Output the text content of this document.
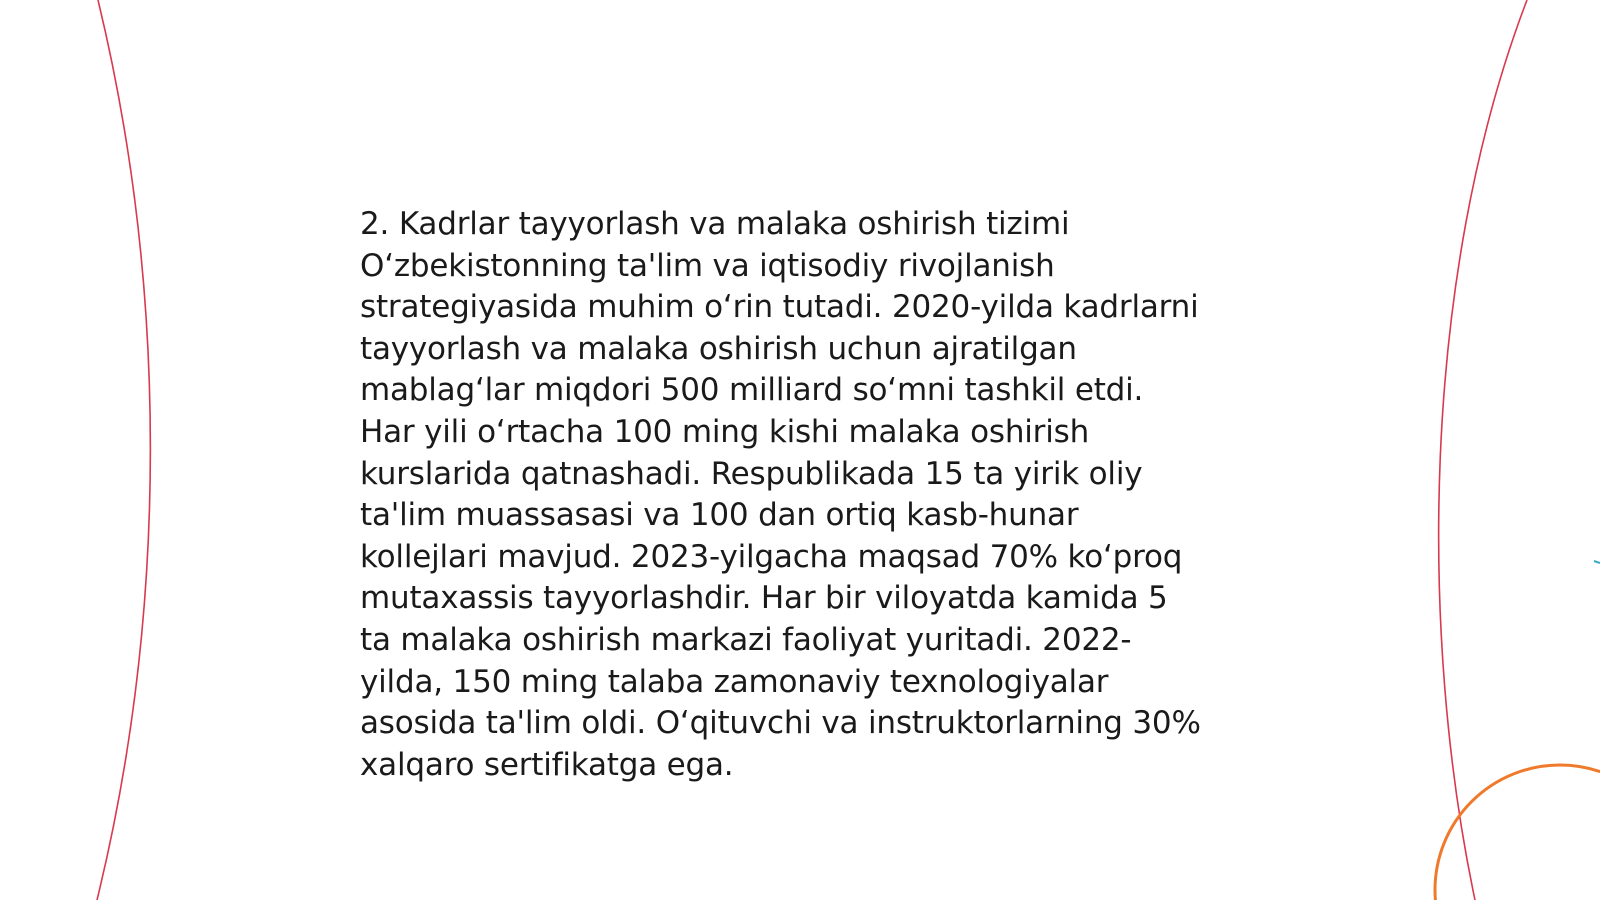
2. Kadrlar tayyorlash va malaka oshirish tizimi
O‘zbekistonning ta'lim va iqtisodiy rivojlanish
strategiyasida muhim o‘rin tutadi. 2020-yilda kadrlarni
tayyorlash va malaka oshirish uchun ajratilgan
mablag‘lar miqdori 500 milliard so‘mni tashkil etdi.
Har yili o‘rtacha 100 ming kishi malaka oshirish
kurslarida qatnashadi. Respublikada 15 ta yirik oliy
ta'lim muassasasi va 100 dan ortiq kasb-hunar
kollejlari mavjud. 2023-yilgacha maqsad 70% ko‘proq
mutaxassis tayyorlashdir. Har bir viloyatda kamida 5
ta malaka oshirish markazi faoliyat yuritadi. 2022-
yilda, 150 ming talaba zamonaviy texnologiyalar
asosida ta'lim oldi. O‘qituvchi va instruktorlarning 30%
xalqaro sertifikatga ega.
